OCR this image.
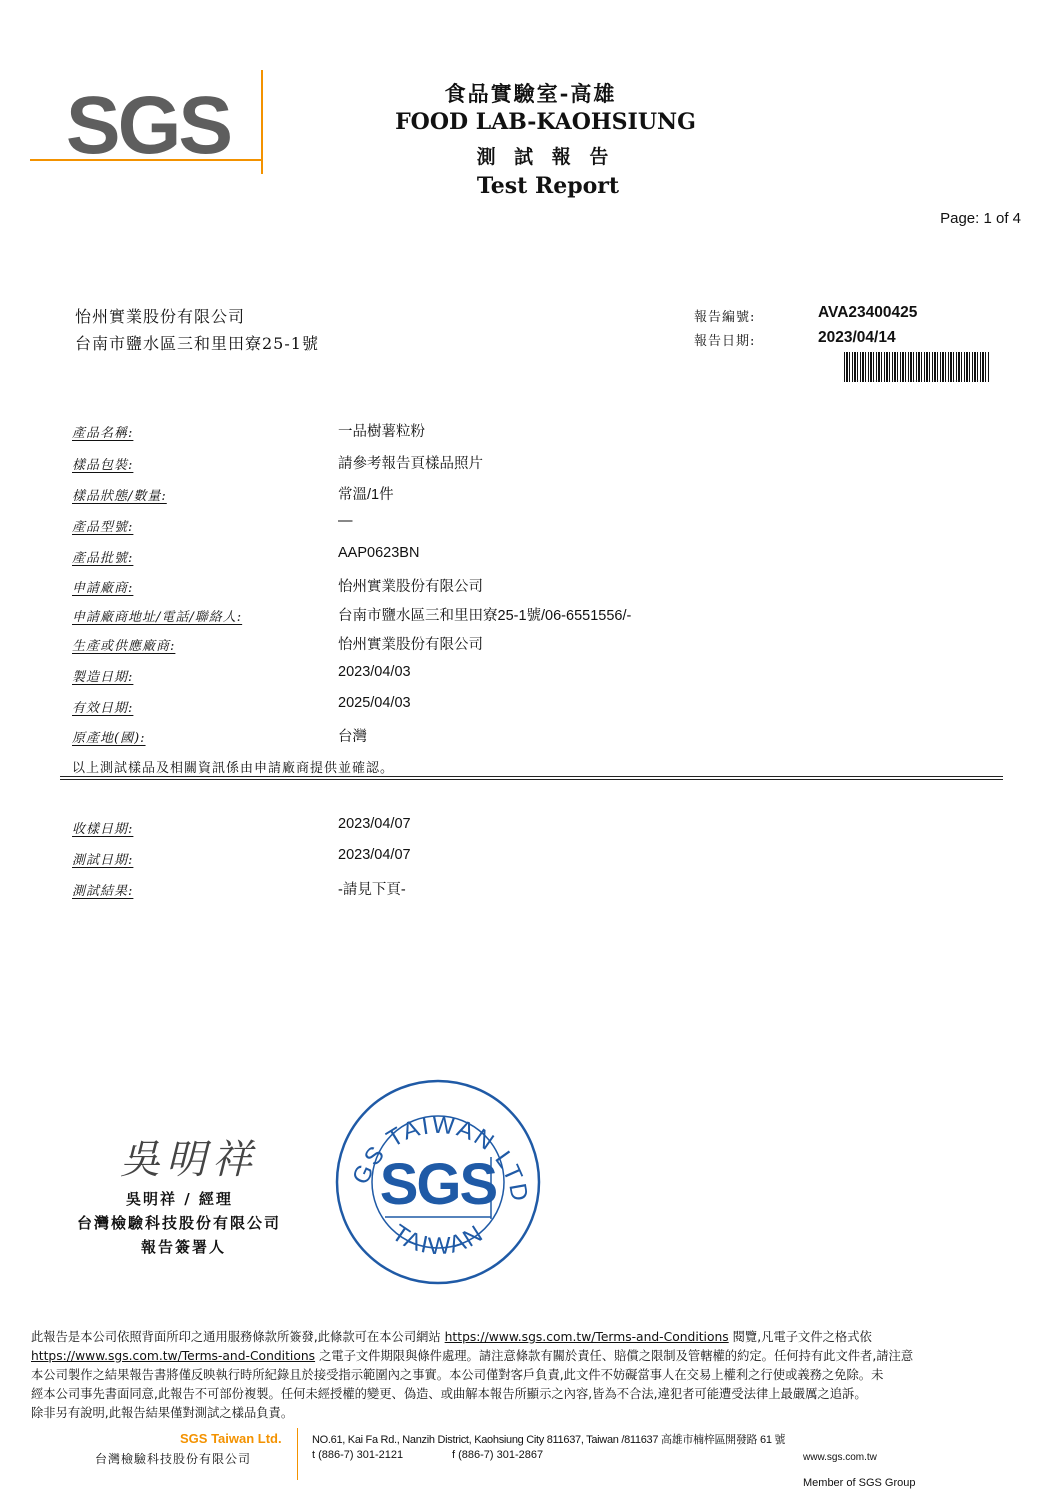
SGS	食品實驗室-高雄
FOOD LAB-KAOHSIUNG
測 試 報 告
Test Report
Page: 1 of 4
怡州實業股份有限公司
台南市鹽水區三和里田寮25-1號
報告編號:	AVA23400425
報告日期:	2023/04/14
產品名稱:	一品樹薯粒粉
樣品包裝:	請參考報告頁樣品照片
樣品狀態/數量:	常溫/1件
產品型號:	—
產品批號:	AAP0623BN
申請廠商:	怡州實業股份有限公司
申請廠商地址/電話/聯絡人:	台南市鹽水區三和里田寮25-1號/06-6551556/-
生產或供應廠商:	怡州實業股份有限公司
製造日期:	2023/04/03
有效日期:	2025/04/03
原產地(國):	台灣
以上測試樣品及相關資訊係由申請廠商提供並確認。
收樣日期:	2023/04/07
測試日期:	2023/04/07
測試結果:	-請見下頁-
吳明祥
吳明祥 / 經理
台灣檢驗科技股份有限公司
報告簽署人
GS TAIWAN LTD
TAIWAN
SGS
此報告是本公司依照背面所印之通用服務條款所簽發,此條款可在本公司網站 https://www.sgs.com.tw/Terms-and-Conditions 閱覽,凡電子文件之格式依
https://www.sgs.com.tw/Terms-and-Conditions 之電子文件期限與條件處理。請注意條款有關於責任、賠償之限制及管轄權的約定。任何持有此文件者,請注意
本公司製作之結果報告書將僅反映執行時所紀錄且於接受指示範圍內之事實。本公司僅對客戶負責,此文件不妨礙當事人在交易上權利之行使或義務之免除。未
經本公司事先書面同意,此報告不可部份複製。任何未經授權的變更、偽造、或曲解本報告所顯示之內容,皆為不合法,違犯者可能遭受法律上最嚴厲之追訴。
除非另有說明,此報告結果僅對測試之樣品負責。
SGS Taiwan Ltd.
台灣檢驗科技股份有限公司
NO.61, Kai Fa Rd., Nanzih District, Kaohsiung City 811637, Taiwan /811637 高雄市楠梓區開發路 61 號
t (886-7) 301-2121	f (886-7) 301-2867	www.sgs.com.tw
Member of SGS Group
